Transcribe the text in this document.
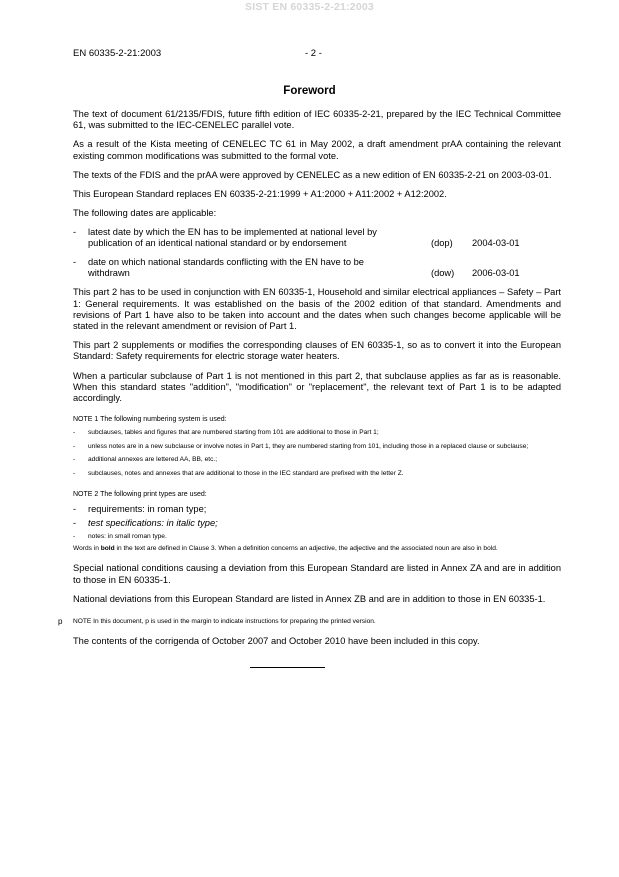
SIST EN 60335-2-21:2003
EN 60335-2-21:2003	- 2 -
Foreword

The text of document 61/2135/FDIS, future fifth edition of IEC 60335-2-21, prepared by the IEC Technical Committee 61, was submitted to the IEC-CENELEC parallel vote.

As a result of the Kista meeting of CENELEC TC 61 in May 2002, a draft amendment prAA containing the relevant existing common modifications was submitted to the formal vote.

The texts of the FDIS and the prAA were approved by CENELEC as a new edition of EN 60335-2-21 on 2003-03-01.

This European Standard replaces EN 60335-2-21:1999 + A1:2000 + A11:2002 + A12:2002.

The following dates are applicable:

- latest date by which the EN has to be implemented at national level by publication of an identical national standard or by endorsement	(dop) 2004-03-01
- date on which national standards conflicting with the EN have to be withdrawn	(dow) 2006-03-01

This part 2 has to be used in conjunction with EN 60335-1, Household and similar electrical appliances – Safety – Part 1: General requirements. It was established on the basis of the 2002 edition of that standard. Amendments and revisions of Part 1 have also to be taken into account and the dates when such changes become applicable will be stated in the relevant amendment or revision of Part 1.

This part 2 supplements or modifies the corresponding clauses of EN 60335-1, so as to convert it into the European Standard: Safety requirements for electric storage water heaters.

When a particular subclause of Part 1 is not mentioned in this part 2, that subclause applies as far as is reasonable. When this standard states "addition", "modification" or "replacement", the relevant text of Part 1 is to be adapted accordingly.

NOTE 1 The following numbering system is used:
- subclauses, tables and figures that are numbered starting from 101 are additional to those in Part 1;
- unless notes are in a new subclause or involve notes in Part 1, they are numbered starting from 101, including those in a replaced clause or subclause;
- additional annexes are lettered AA, BB, etc.;
- subclauses, notes and annexes that are additional to those in the IEC standard are prefixed with the letter Z.
NOTE 2 The following print types are used:
- requirements: in roman type;
- test specifications: in italic type;
- notes: in small roman type.
Words in bold in the text are defined in Clause 3. When a definition concerns an adjective, the adjective and the associated noun are also in bold.

Special national conditions causing a deviation from this European Standard are listed in Annex ZA and are in addition to those in EN 60335-1.

National deviations from this European Standard are listed in Annex ZB and are in addition to those in EN 60335-1.

p NOTE In this document, p is used in the margin to indicate instructions for preparing the printed version.

The contents of the corrigenda of October 2007 and October 2010 have been included in this copy.
